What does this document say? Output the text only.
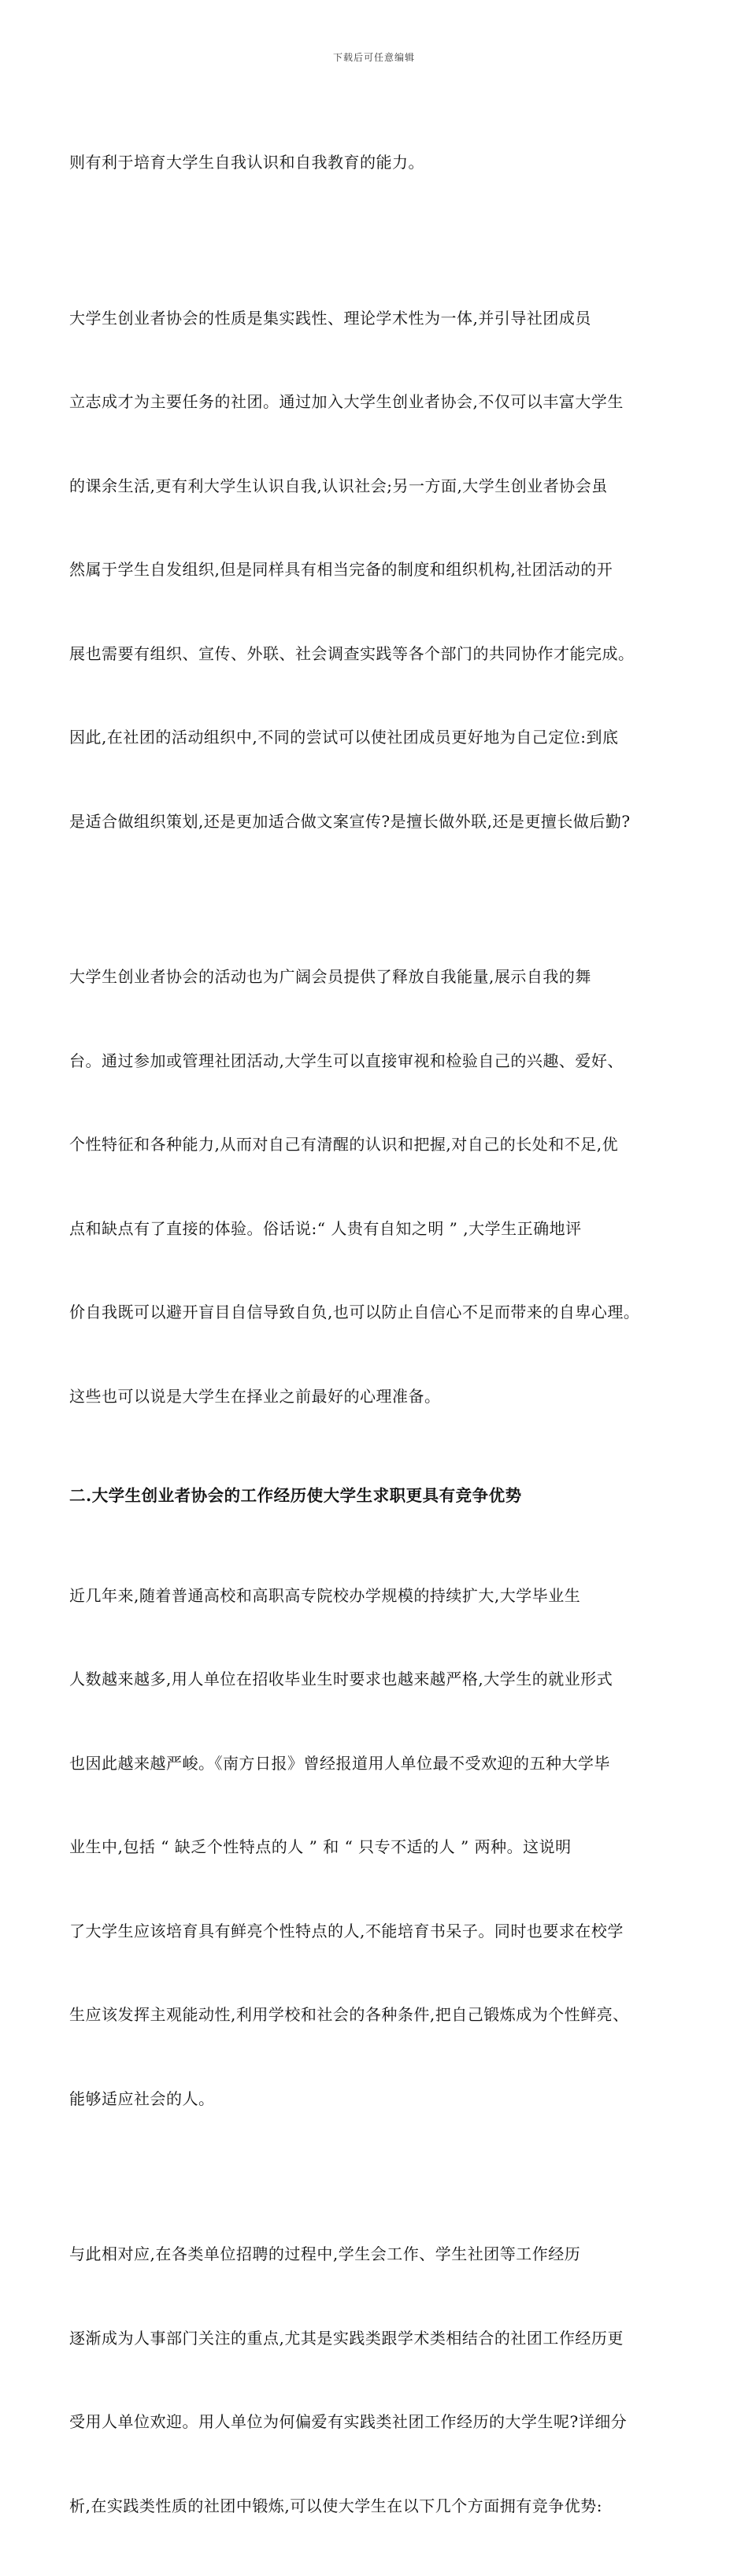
下载后可任意编辑

则有利于培育大学生自我认识和自我教育的能力。

大学生创业者协会的性质是集实践性、理论学术性为一体,并引导社团成员

立志成才为主要任务的社团。通过加入大学生创业者协会,不仅可以丰富大学生

的课余生活,更有利大学生认识自我,认识社会;另一方面,大学生创业者协会虽

然属于学生自发组织,但是同样具有相当完备的制度和组织机构,社团活动的开

展也需要有组织、宣传、外联、社会调查实践等各个部门的共同协作才能完成。

因此,在社团的活动组织中,不同的尝试可以使社团成员更好地为自己定位:到底

是适合做组织策划,还是更加适合做文案宣传?是擅长做外联,还是更擅长做后勤?

大学生创业者协会的活动也为广阔会员提供了释放自我能量,展示自我的舞

台。通过参加或管理社团活动,大学生可以直接审视和检验自己的兴趣、爱好、

个性特征和各种能力,从而对自己有清醒的认识和把握,对自己的长处和不足,优

点和缺点有了直接的体验。俗话说:“ 人贵有自知之明 ” ,大学生正确地评

价自我既可以避开盲目自信导致自负,也可以防止自信心不足而带来的自卑心理。

这些也可以说是大学生在择业之前最好的心理准备。

二.大学生创业者协会的工作经历使大学生求职更具有竞争优势

近几年来,随着普通高校和高职高专院校办学规模的持续扩大,大学毕业生

人数越来越多,用人单位在招收毕业生时要求也越来越严格,大学生的就业形式

也因此越来越严峻。《南方日报》曾经报道用人单位最不受欢迎的五种大学毕

业生中,包括 “ 缺乏个性特点的人 ” 和 “ 只专不适的人 ” 两种。这说明

了大学生应该培育具有鲜亮个性特点的人,不能培育书呆子。同时也要求在校学

生应该发挥主观能动性,利用学校和社会的各种条件,把自己锻炼成为个性鲜亮、

能够适应社会的人。

与此相对应,在各类单位招聘的过程中,学生会工作、学生社团等工作经历

逐渐成为人事部门关注的重点,尤其是实践类跟学术类相结合的社团工作经历更

受用人单位欢迎。用人单位为何偏爱有实践类社团工作经历的大学生呢?详细分

析,在实践类性质的社团中锻炼,可以使大学生在以下几个方面拥有竞争优势:
